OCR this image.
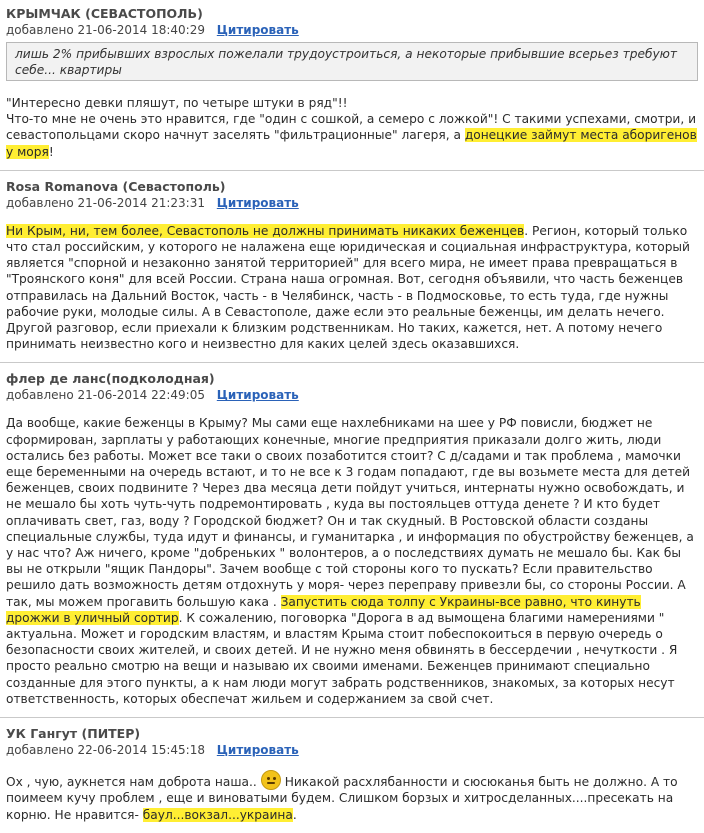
КРЫМЧАК (СЕВАСТОПОЛЬ)
добавлено 21-06-2014 18:40:29 Цитировать
лишь 2% прибывших взрослых пожелали трудоустроиться, а некоторые прибывшие всерьез требуют себе... квартиры

"Интересно девки пляшут, по четыре штуки в ряд"!!

Что-то мне не очень это нравится, где "один с сошкой, а семеро с ложкой"! С такими успехами, смотри, и севастопольцами скоро начнут заселять "фильтрационные" лагеря, а донецкие займут места аборигенов у моря!

Rosa Romanova (Севастополь)
добавлено 21-06-2014 21:23:31 Цитировать

Ни Крым, ни, тем более, Севастополь не должны принимать никаких беженцев. Регион, который только что стал российским, у которого не налажена еще юридическая и социальная инфраструктура, который является "спорной и незаконно занятой территорией" для всего мира, не имеет права превращаться в "Троянского коня" для всей России. Страна наша огромная. Вот, сегодня объявили, что часть беженцев отправилась на Дальний Восток, часть - в Челябинск, часть - в Подмосковье, то есть туда, где нужны рабочие руки, молодые силы. А в Севастополе, даже если это реальные беженцы, им делать нечего. Другой разговор, если приехали к близким родственникам. Но таких, кажется, нет. А потому нечего принимать неизвестно кого и неизвестно для каких целей здесь оказавшихся.

флер де ланс(подколодная)
добавлено 21-06-2014 22:49:05 Цитировать

Да вообще, какие беженцы в Крыму? Мы сами еще нахлебниками на шее у РФ повисли, бюджет не сформирован, зарплаты у работающих конечные, многие предприятия приказали долго жить, люди остались без работы. Может все таки о своих позаботится стоит? С д/садами и так проблема , мамочки еще беременными на очередь встают, и то не все к 3 годам попадают, где вы возьмете места для детей беженцев, своих подвините ? Через два месяца дети пойдут учиться, интернаты нужно освобождать, и не мешало бы хоть чуть-чуть подремонтировать , куда вы постояльцев оттуда денете ? И кто будет оплачивать свет, газ, воду ? Городской бюджет? Он и так скудный. В Ростовской области созданы специальные службы, туда идут и финансы, и гуманитарка , и информация по обустройству беженцев, а у нас что? Аж ничего, кроме "добреньких " волонтеров, а о последствиях думать не мешало бы. Как бы вы не открыли "ящик Пандоры". Зачем вообще с той стороны кого то пускать? Если правительство решило дать возможность детям отдохнуть у моря- через переправу привезли бы, со стороны России. А так, мы можем прогавить большую кака . Запустить сюда толпу с Украины-все равно, что кинуть дрожжи в уличный сортир. К сожалению, поговорка "Дорога в ад вымощена благими намерениями " актуальна. Может и городским властям, и властям Крыма стоит побеспокоиться в первую очередь о безопасности своих жителей, и своих детей. И не нужно меня обвинять в бессердечии , нечуткости . Я просто реально смотрю на вещи и называю их своими именами. Беженцев принимают специально созданные для этого пункты, а к нам люди могут забрать родственников, знакомых, за которых несут ответственность, которых обеспечат жильем и содержанием за свой счет.

УК Гангут (ПИТЕР)
добавлено 22-06-2014 15:45:18 Цитировать

Ох , чую, аукнется нам доброта наша.. Никакой расхлябанности и сюсюканья быть не должно. А то поимеем кучу проблем , еще и виноватыми будем. Слишком борзых и хитросделанных....пресекать на корню. Не нравится- баул...вокзал...украина.
